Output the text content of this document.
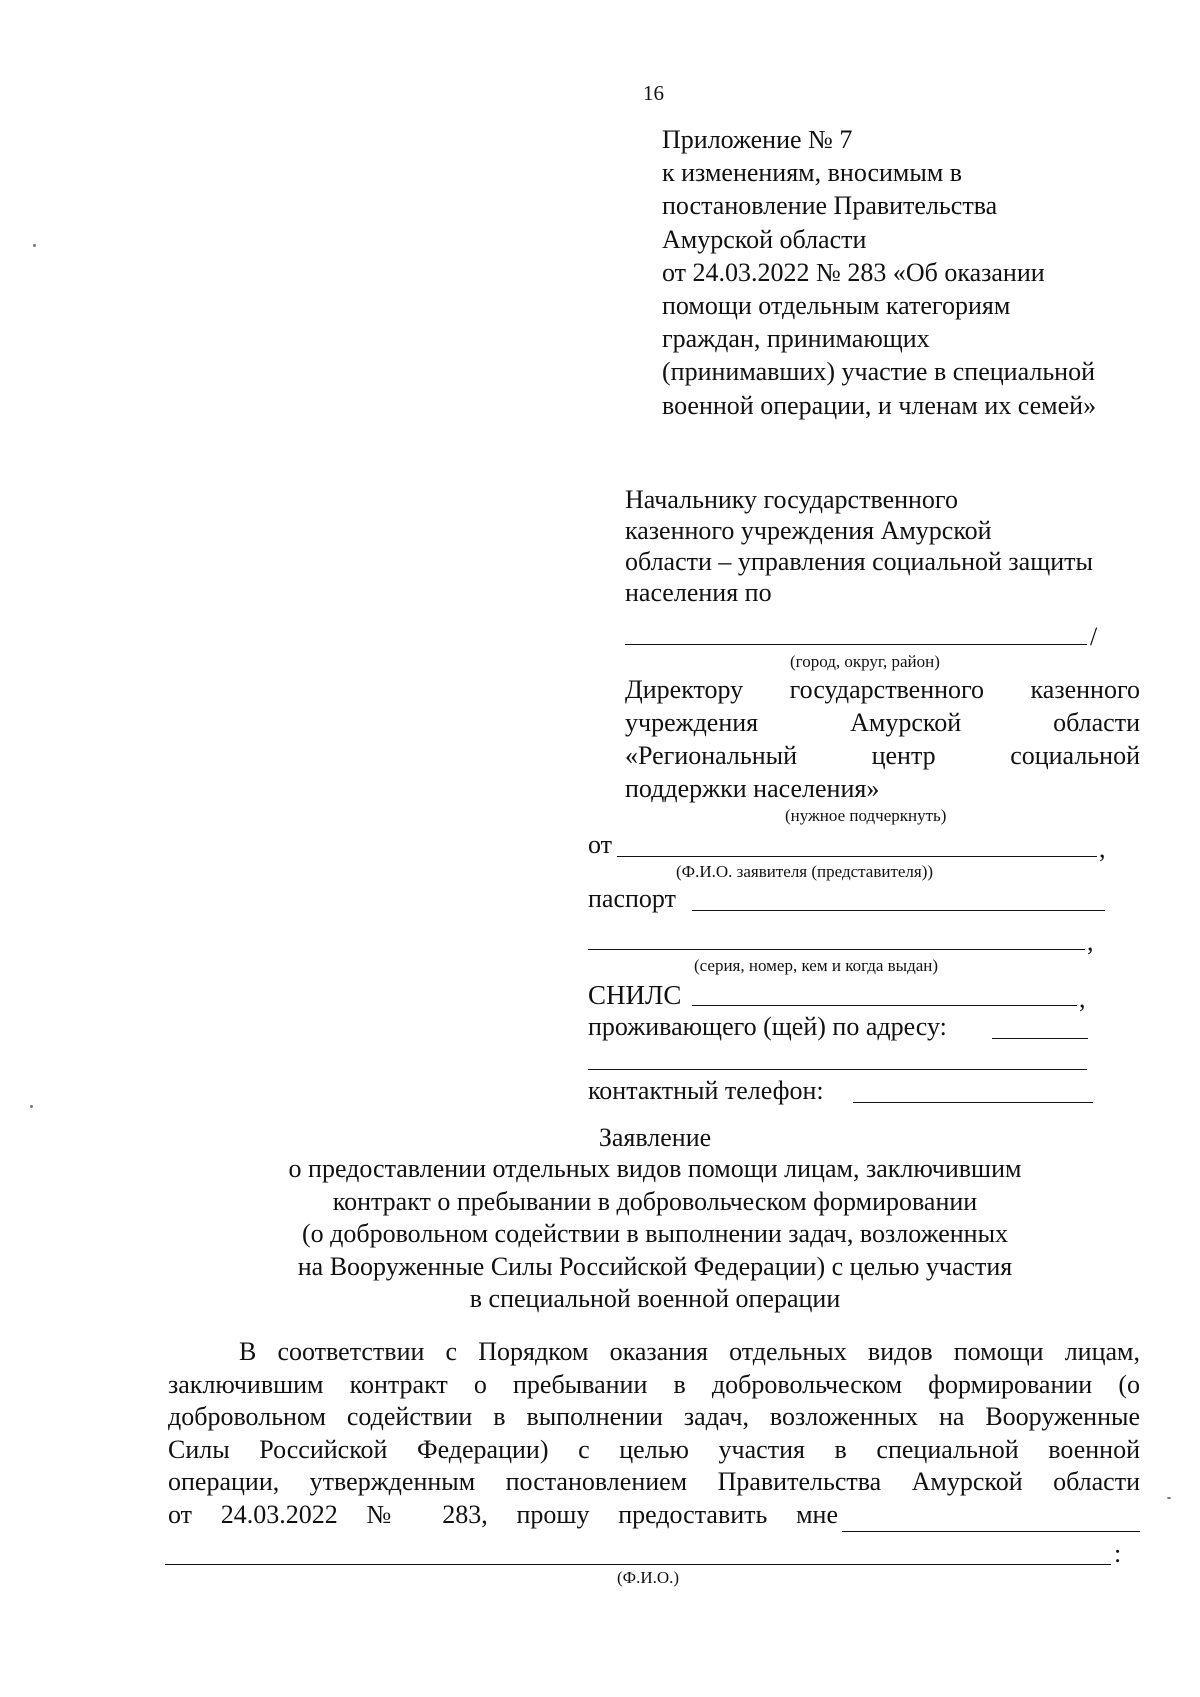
16
Приложение № 7
к изменениям, вносимым в
постановление Правительства
Амурской области
от 24.03.2022 № 283 «Об оказании
помощи отдельным категориям
граждан, принимающих
(принимавших) участие в специальной
военной операции, и членам их семей»
Начальнику государственного
казенного учреждения Амурской
области – управления социальной защиты
населения по
/
(город, округ, район)
Директору государственного казенного
учреждения Амурской области
«Региональный центр социальной
поддержки населения»
(нужное подчеркнуть)
от	,
(Ф.И.О. заявителя (представителя))
паспорт
,
(серия, номер, кем и когда выдан)
СНИЛС	,
проживающего (щей) по адресу:
контактный телефон:
Заявление
о предоставлении отдельных видов помощи лицам, заключившим
контракт о пребывании в добровольческом формировании
(о добровольном содействии в выполнении задач, возложенных
на Вооруженные Силы Российской Федерации) с целью участия
в специальной военной операции
В соответствии с Порядком оказания отдельных видов помощи лицам,
заключившим контракт о пребывании в добровольческом формировании (о
добровольном содействии в выполнении задач, возложенных на Вооруженные
Силы Российской Федерации) с целью участия в специальной военной
операции, утвержденным постановлением Правительства Амурской области
от 24.03.2022 № 283, прошу предоставить мне
:
(Ф.И.О.)
